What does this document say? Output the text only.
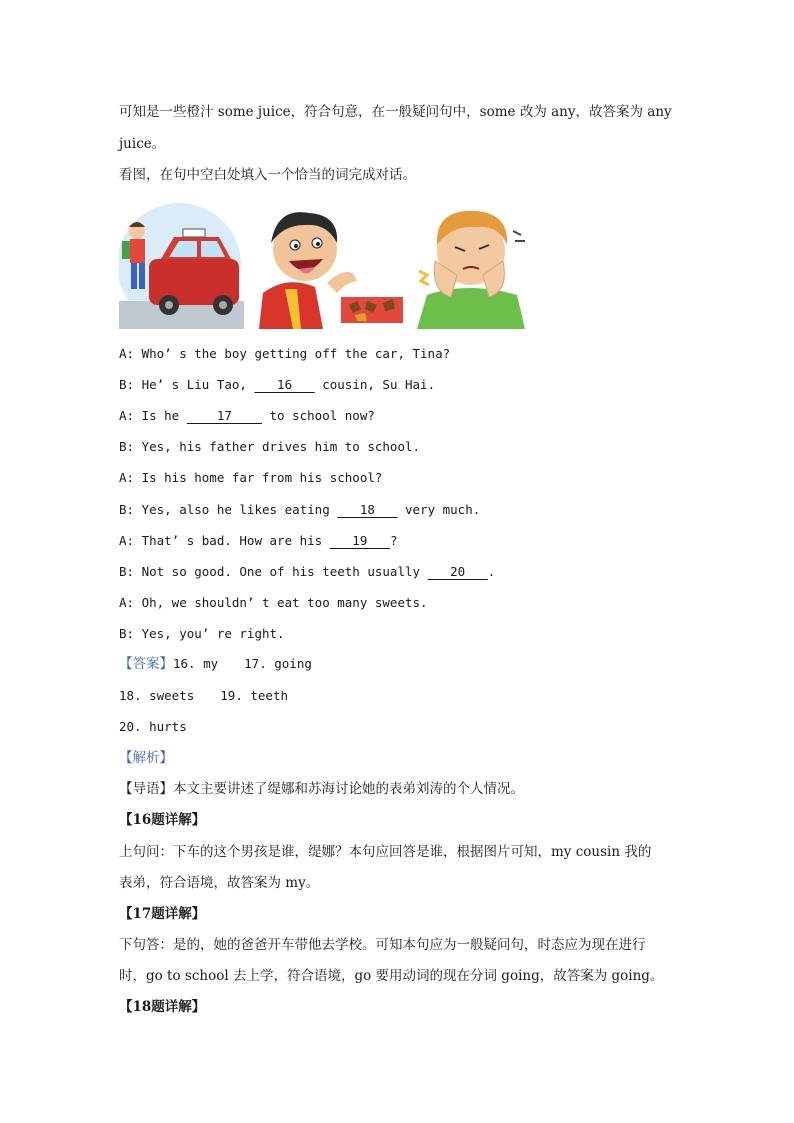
可知是一些橙汁 some juice，符合句意，在一般疑问句中，some 改为 any，故答案为 any
juice。
看图，在句中空白处填入一个恰当的词完成对话。
A: Who’ s the boy getting off the car, Tina?
B: He’ s Liu Tao,    16    cousin, Su Hai.
A: Is he     17     to school now?
B: Yes, his father drives him to school.
A: Is his home far from his school?
B: Yes, also he likes eating    18    very much.
A: That’ s bad. How are his    19   ?
B: Not so good. One of his teeth usually    20   .
A: Oh, we shouldn’ t eat too many sweets.
B: Yes, you’ re right.
【答案】16. my 17. going
18. sweets 19. teeth
20. hurts
【解析】
【导语】本文主要讲述了缇娜和苏海讨论她的表弟刘涛的个人情况。
【16题详解】
上句问：下车的这个男孩是谁，缇娜？本句应回答是谁，根据图片可知，my cousin 我的
表弟，符合语境，故答案为 my。
【17题详解】
下句答：是的，她的爸爸开车带他去学校。可知本句应为一般疑问句，时态应为现在进行
时，go to school 去上学，符合语境，go 要用动词的现在分词 going，故答案为 going。
【18题详解】
